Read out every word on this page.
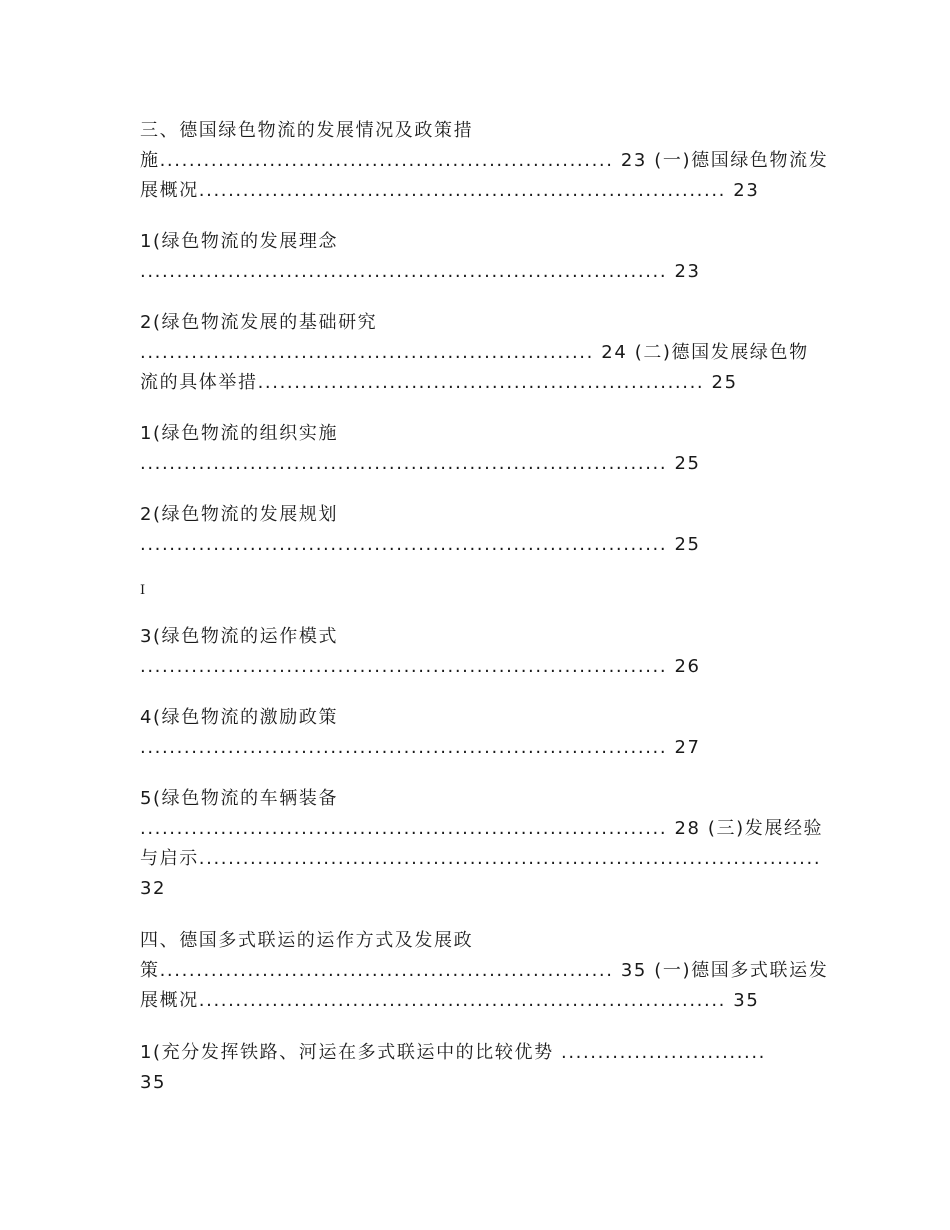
三、德国绿色物流的发展情况及政策措
施.............................................................. 23 (一)德国绿色物流发
展概况........................................................................ 23
1(绿色物流的发展理念
........................................................................ 23
2(绿色物流发展的基础研究
.............................................................. 24 (二)德国发展绿色物
流的具体举措............................................................. 25
1(绿色物流的组织实施
........................................................................ 25
2(绿色物流的发展规划
........................................................................ 25
I
3(绿色物流的运作模式
........................................................................ 26
4(绿色物流的激励政策
........................................................................ 27
5(绿色物流的车辆装备
........................................................................ 28 (三)发展经验
与启示.....................................................................................
32
四、德国多式联运的运作方式及发展政
策.............................................................. 35 (一)德国多式联运发
展概况........................................................................ 35
1(充分发挥铁路、河运在多式联运中的比较优势 ............................
35
